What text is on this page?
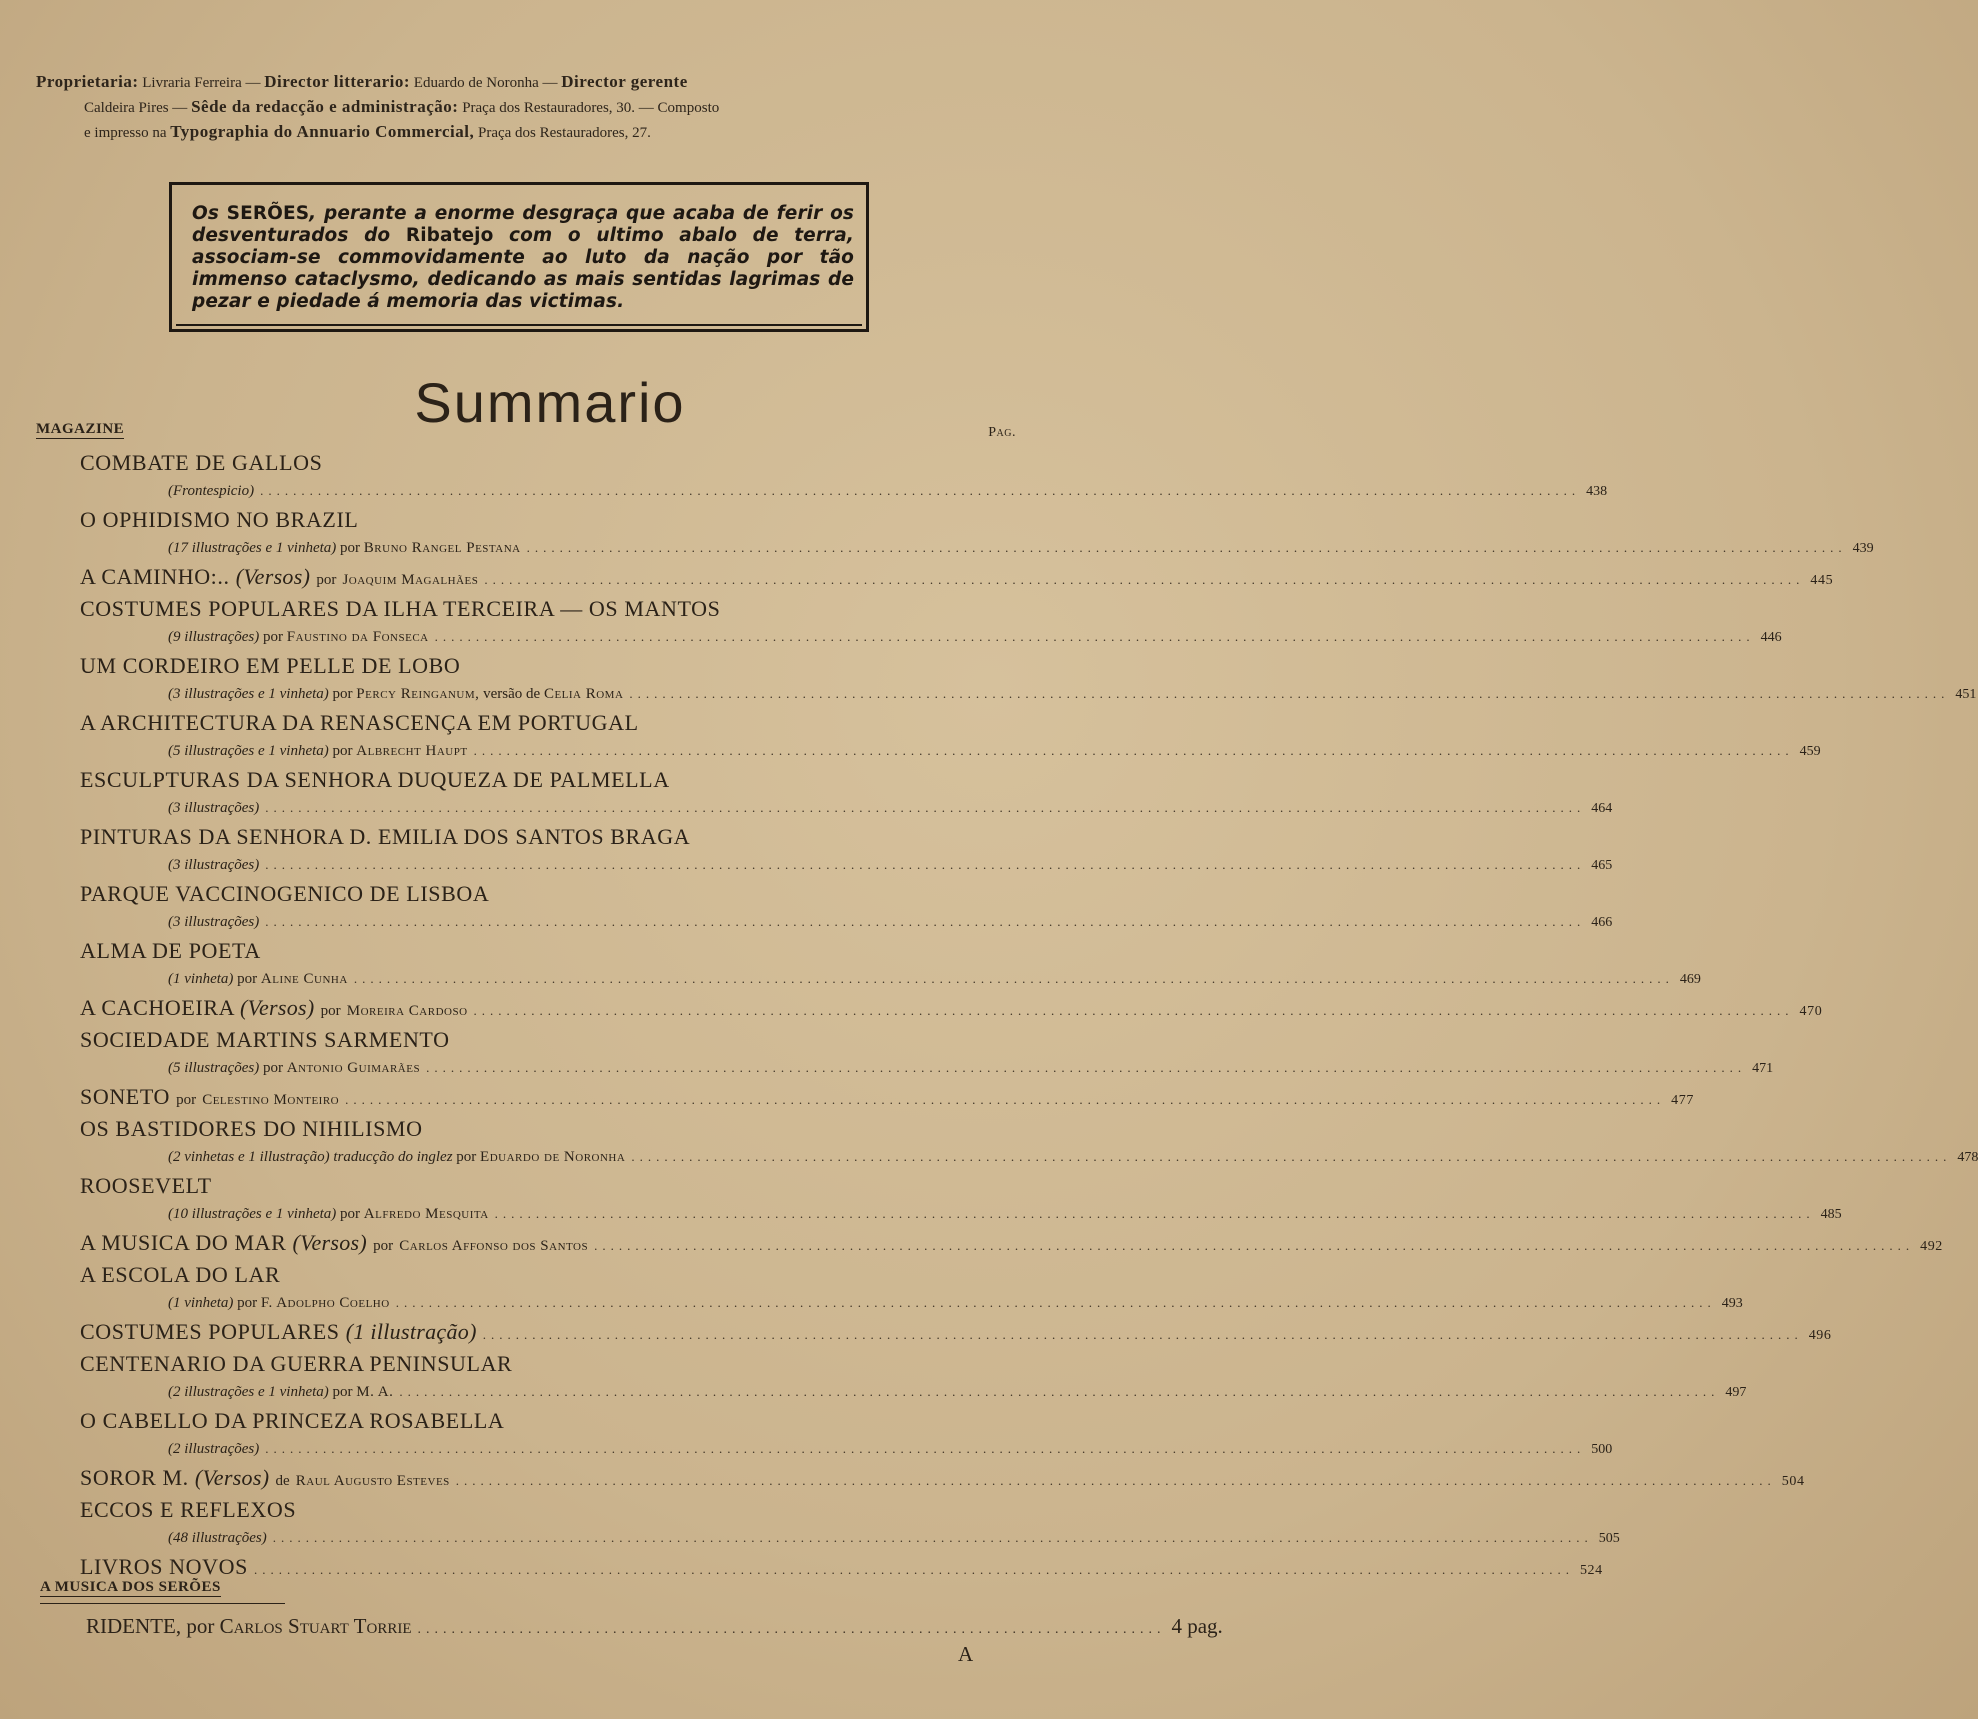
Proprietaria: Livraria Ferreira — Director litterario: Eduardo de Noronha — Director gerente
Caldeira Pires — Sêde da redacção e administração: Praça dos Restauradores, 30. — Composto
e impresso na Typographia do Annuario Commercial, Praça dos Restauradores, 27.
Os SERÕES, perante a enorme desgraça que acaba de ferir os desventurados do Ribatejo com o ultimo abalo de terra, associam-se commovidamente ao luto da nação por tão immenso cataclysmo, dedicando as mais sentidas lagrimas de pezar e piedade á memoria das victimas.
Summario
MAGAZINE	Pag.
COMBATE DE GALLOS
(Frontespicio) ................................................................................................................................................................ 438
O OPHIDISMO NO BRAZIL
(17 illustrações e 1 vinheta) por Bruno Rangel Pestana ................................................................................................................................................................ 439
A CAMINHO:.. (Versos) por Joaquim Magalhães ................................................................................................................................................................ 445
COSTUMES POPULARES DA ILHA TERCEIRA — OS MANTOS
(9 illustrações) por Faustino da Fonseca ................................................................................................................................................................ 446
UM CORDEIRO EM PELLE DE LOBO
(3 illustrações e 1 vinheta) por Percy Reinganum, versão de Celia Roma ................................................................................................................................................................ 451
A ARCHITECTURA DA RENASCENÇA EM PORTUGAL
(5 illustrações e 1 vinheta) por Albrecht Haupt ................................................................................................................................................................ 459
ESCULPTURAS DA SENHORA DUQUEZA DE PALMELLA
(3 illustrações) ................................................................................................................................................................ 464
PINTURAS DA SENHORA D. EMILIA DOS SANTOS BRAGA
(3 illustrações) ................................................................................................................................................................ 465
PARQUE VACCINOGENICO DE LISBOA
(3 illustrações) ................................................................................................................................................................ 466
ALMA DE POETA
(1 vinheta) por Aline Cunha ................................................................................................................................................................ 469
A CACHOEIRA (Versos) por Moreira Cardoso ................................................................................................................................................................ 470
SOCIEDADE MARTINS SARMENTO
(5 illustrações) por Antonio Guimarães ................................................................................................................................................................ 471
SONETO por Celestino Monteiro ................................................................................................................................................................ 477
OS BASTIDORES DO NIHILISMO
(2 vinhetas e 1 illustração) traducção do inglez por Eduardo de Noronha ................................................................................................................................................................ 478
ROOSEVELT
(10 illustrações e 1 vinheta) por Alfredo Mesquita ................................................................................................................................................................ 485
A MUSICA DO MAR (Versos) por Carlos Affonso dos Santos ................................................................................................................................................................ 492
A ESCOLA DO LAR
(1 vinheta) por F. Adolpho Coelho ................................................................................................................................................................ 493
COSTUMES POPULARES (1 illustração) ................................................................................................................................................................ 496
CENTENARIO DA GUERRA PENINSULAR
(2 illustrações e 1 vinheta) por M. A. ................................................................................................................................................................ 497
O CABELLO DA PRINCEZA ROSABELLA
(2 illustrações) ................................................................................................................................................................ 500
SOROR M. (Versos) de Raul Augusto Esteves ................................................................................................................................................................ 504
ECCOS E REFLEXOS
(48 illustrações) ................................................................................................................................................................ 505
LIVROS NOVOS ................................................................................................................................................................ 524
A MUSICA DOS SERÕES
RIDENTE, por Carlos Stuart Torrie ........................................................................................ 4 pag.
A
